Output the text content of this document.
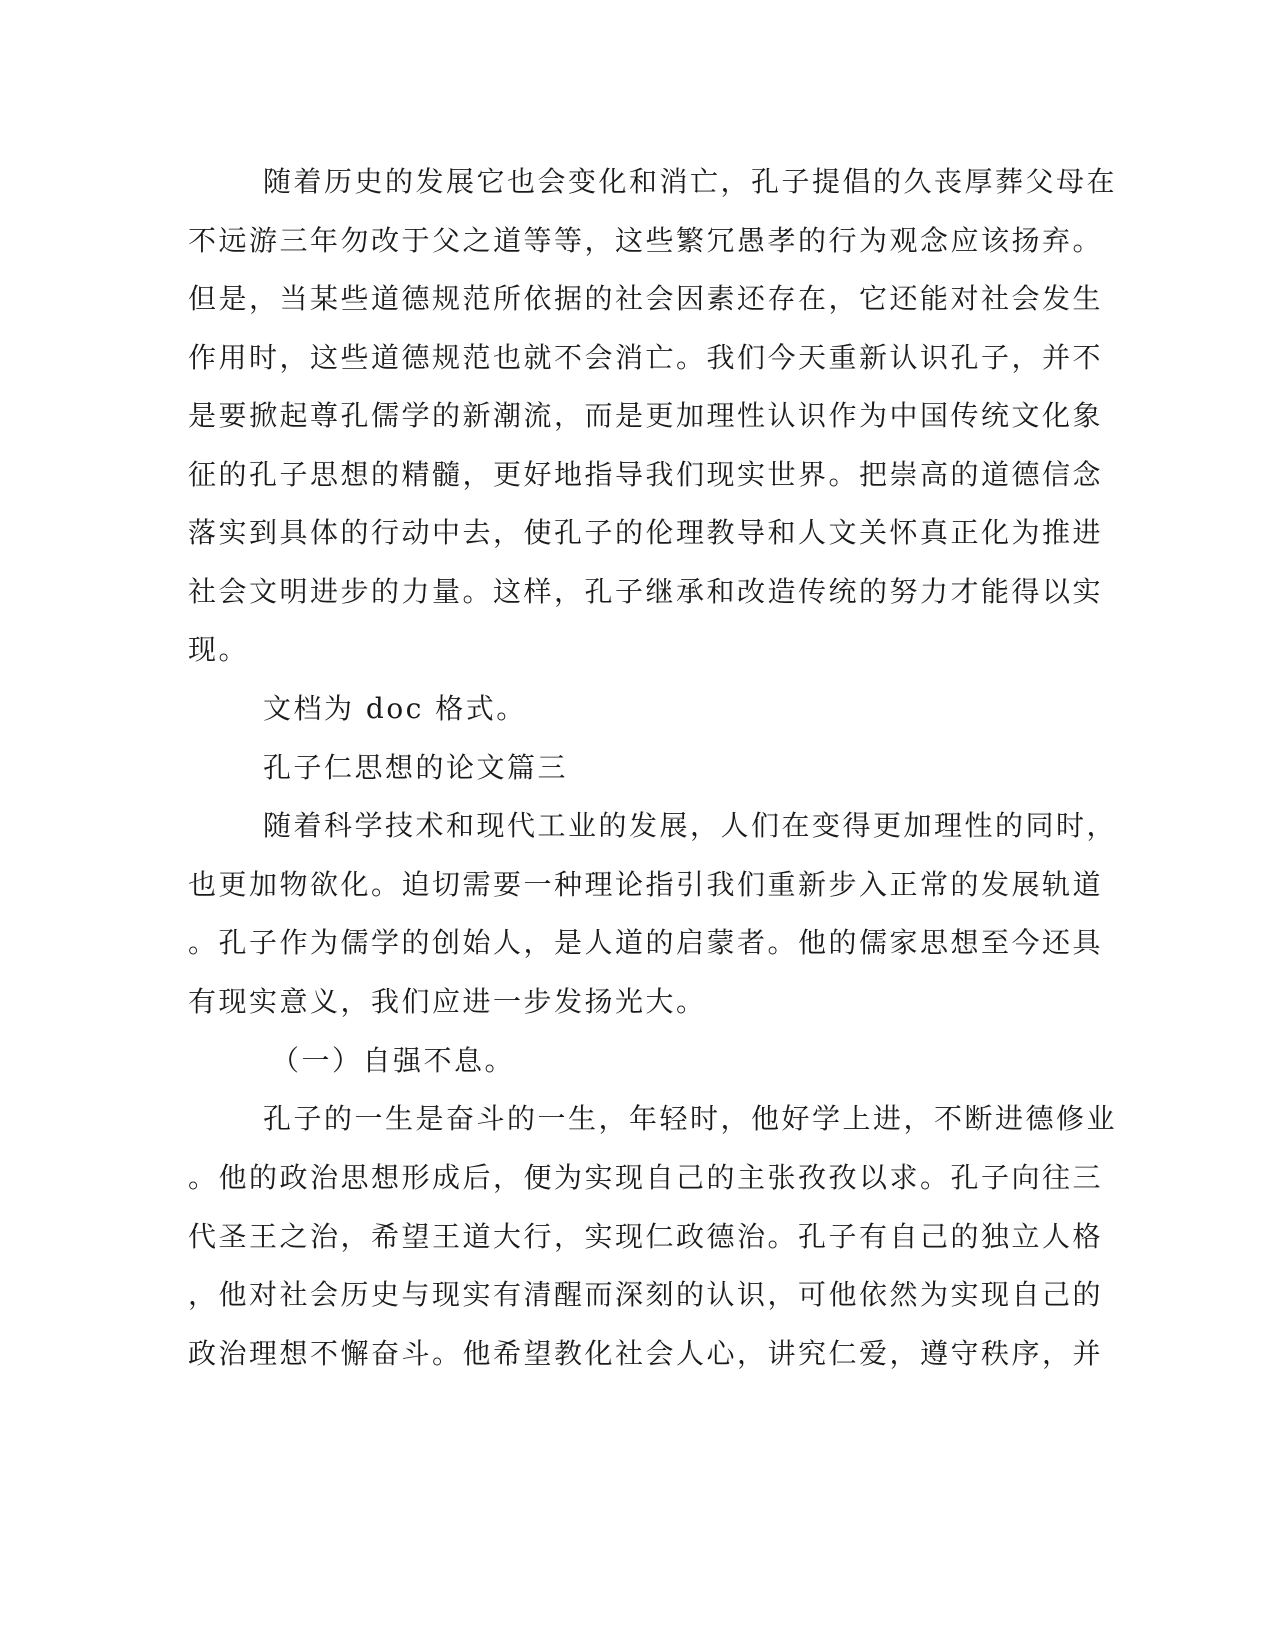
随着历史的发展它也会变化和消亡，孔子提倡的久丧厚葬父母在
不远游三年勿改于父之道等等，这些繁冗愚孝的行为观念应该扬弃。
但是，当某些道德规范所依据的社会因素还存在，它还能对社会发生
作用时，这些道德规范也就不会消亡。我们今天重新认识孔子，并不
是要掀起尊孔儒学的新潮流，而是更加理性认识作为中国传统文化象
征的孔子思想的精髓，更好地指导我们现实世界。把崇高的道德信念
落实到具体的行动中去，使孔子的伦理教导和人文关怀真正化为推进
社会文明进步的力量。这样，孔子继承和改造传统的努力才能得以实
现。
文档为 doc 格式。
孔子仁思想的论文篇三
随着科学技术和现代工业的发展，人们在变得更加理性的同时，
也更加物欲化。迫切需要一种理论指引我们重新步入正常的发展轨道
。孔子作为儒学的创始人，是人道的启蒙者。他的儒家思想至今还具
有现实意义，我们应进一步发扬光大。
（一）自强不息。
孔子的一生是奋斗的一生，年轻时，他好学上进，不断进德修业
。他的政治思想形成后，便为实现自己的主张孜孜以求。孔子向往三
代圣王之治，希望王道大行，实现仁政德治。孔子有自己的独立人格
，他对社会历史与现实有清醒而深刻的认识，可他依然为实现自己的
政治理想不懈奋斗。他希望教化社会人心，讲究仁爱，遵守秩序，并
